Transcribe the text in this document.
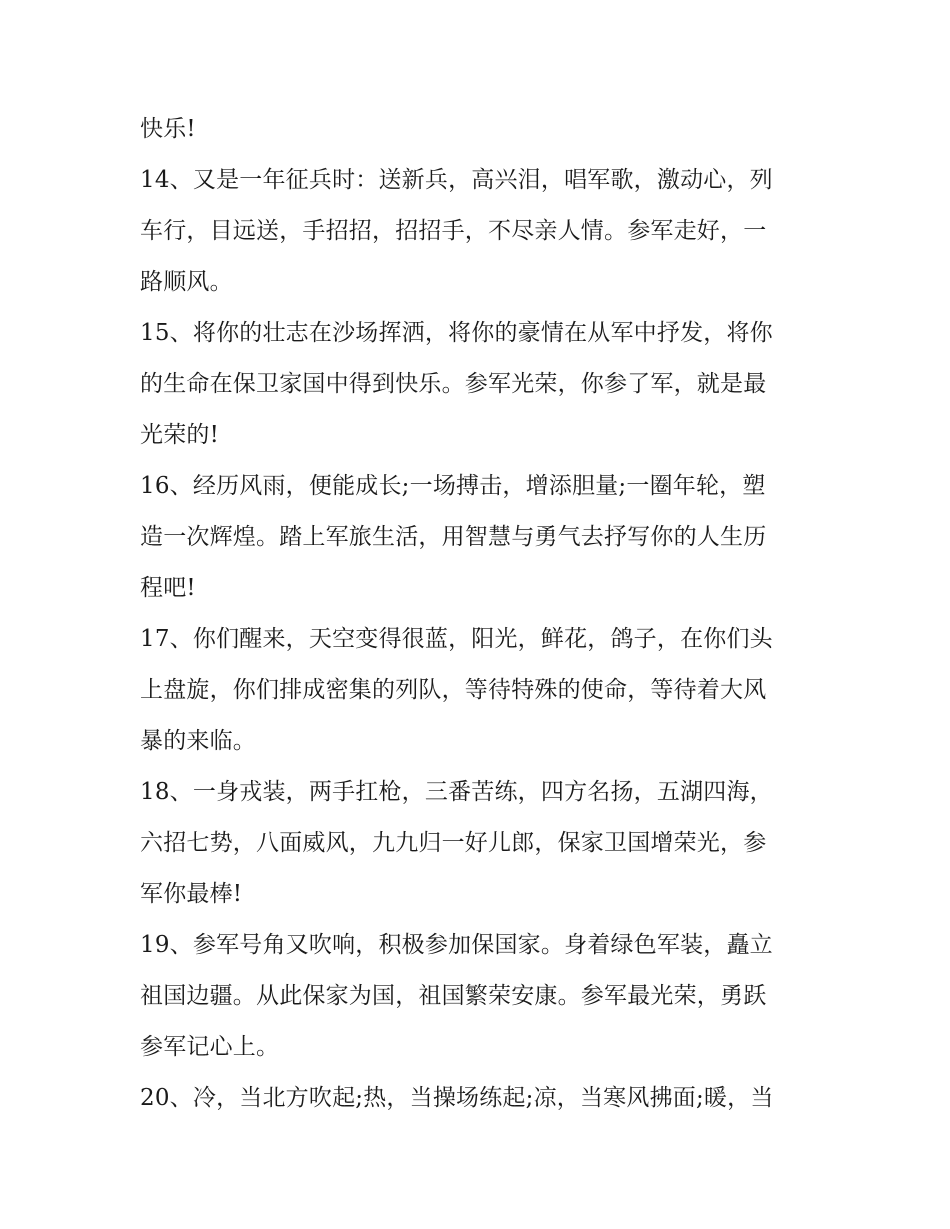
快乐!
14、又是一年征兵时：送新兵，高兴泪，唱军歌，激动心，列
车行，目远送，手招招，招招手，不尽亲人情。参军走好，一
路顺风。
15、将你的壮志在沙场挥洒，将你的豪情在从军中抒发，将你
的生命在保卫家国中得到快乐。参军光荣，你参了军，就是最
光荣的!
16、经历风雨，便能成长;一场搏击，增添胆量;一圈年轮，塑
造一次辉煌。踏上军旅生活，用智慧与勇气去抒写你的人生历
程吧!
17、你们醒来，天空变得很蓝，阳光，鲜花，鸽子，在你们头
上盘旋，你们排成密集的列队，等待特殊的使命，等待着大风
暴的来临。
18、一身戎装，两手扛枪，三番苦练，四方名扬，五湖四海，
六招七势，八面威风，九九归一好儿郎，保家卫国增荣光，参
军你最棒!
19、参军号角又吹响，积极参加保国家。身着绿色军装，矗立
祖国边疆。从此保家为国，祖国繁荣安康。参军最光荣，勇跃
参军记心上。
20、冷，当北方吹起;热，当操场练起;凉，当寒风拂面;暖，当
